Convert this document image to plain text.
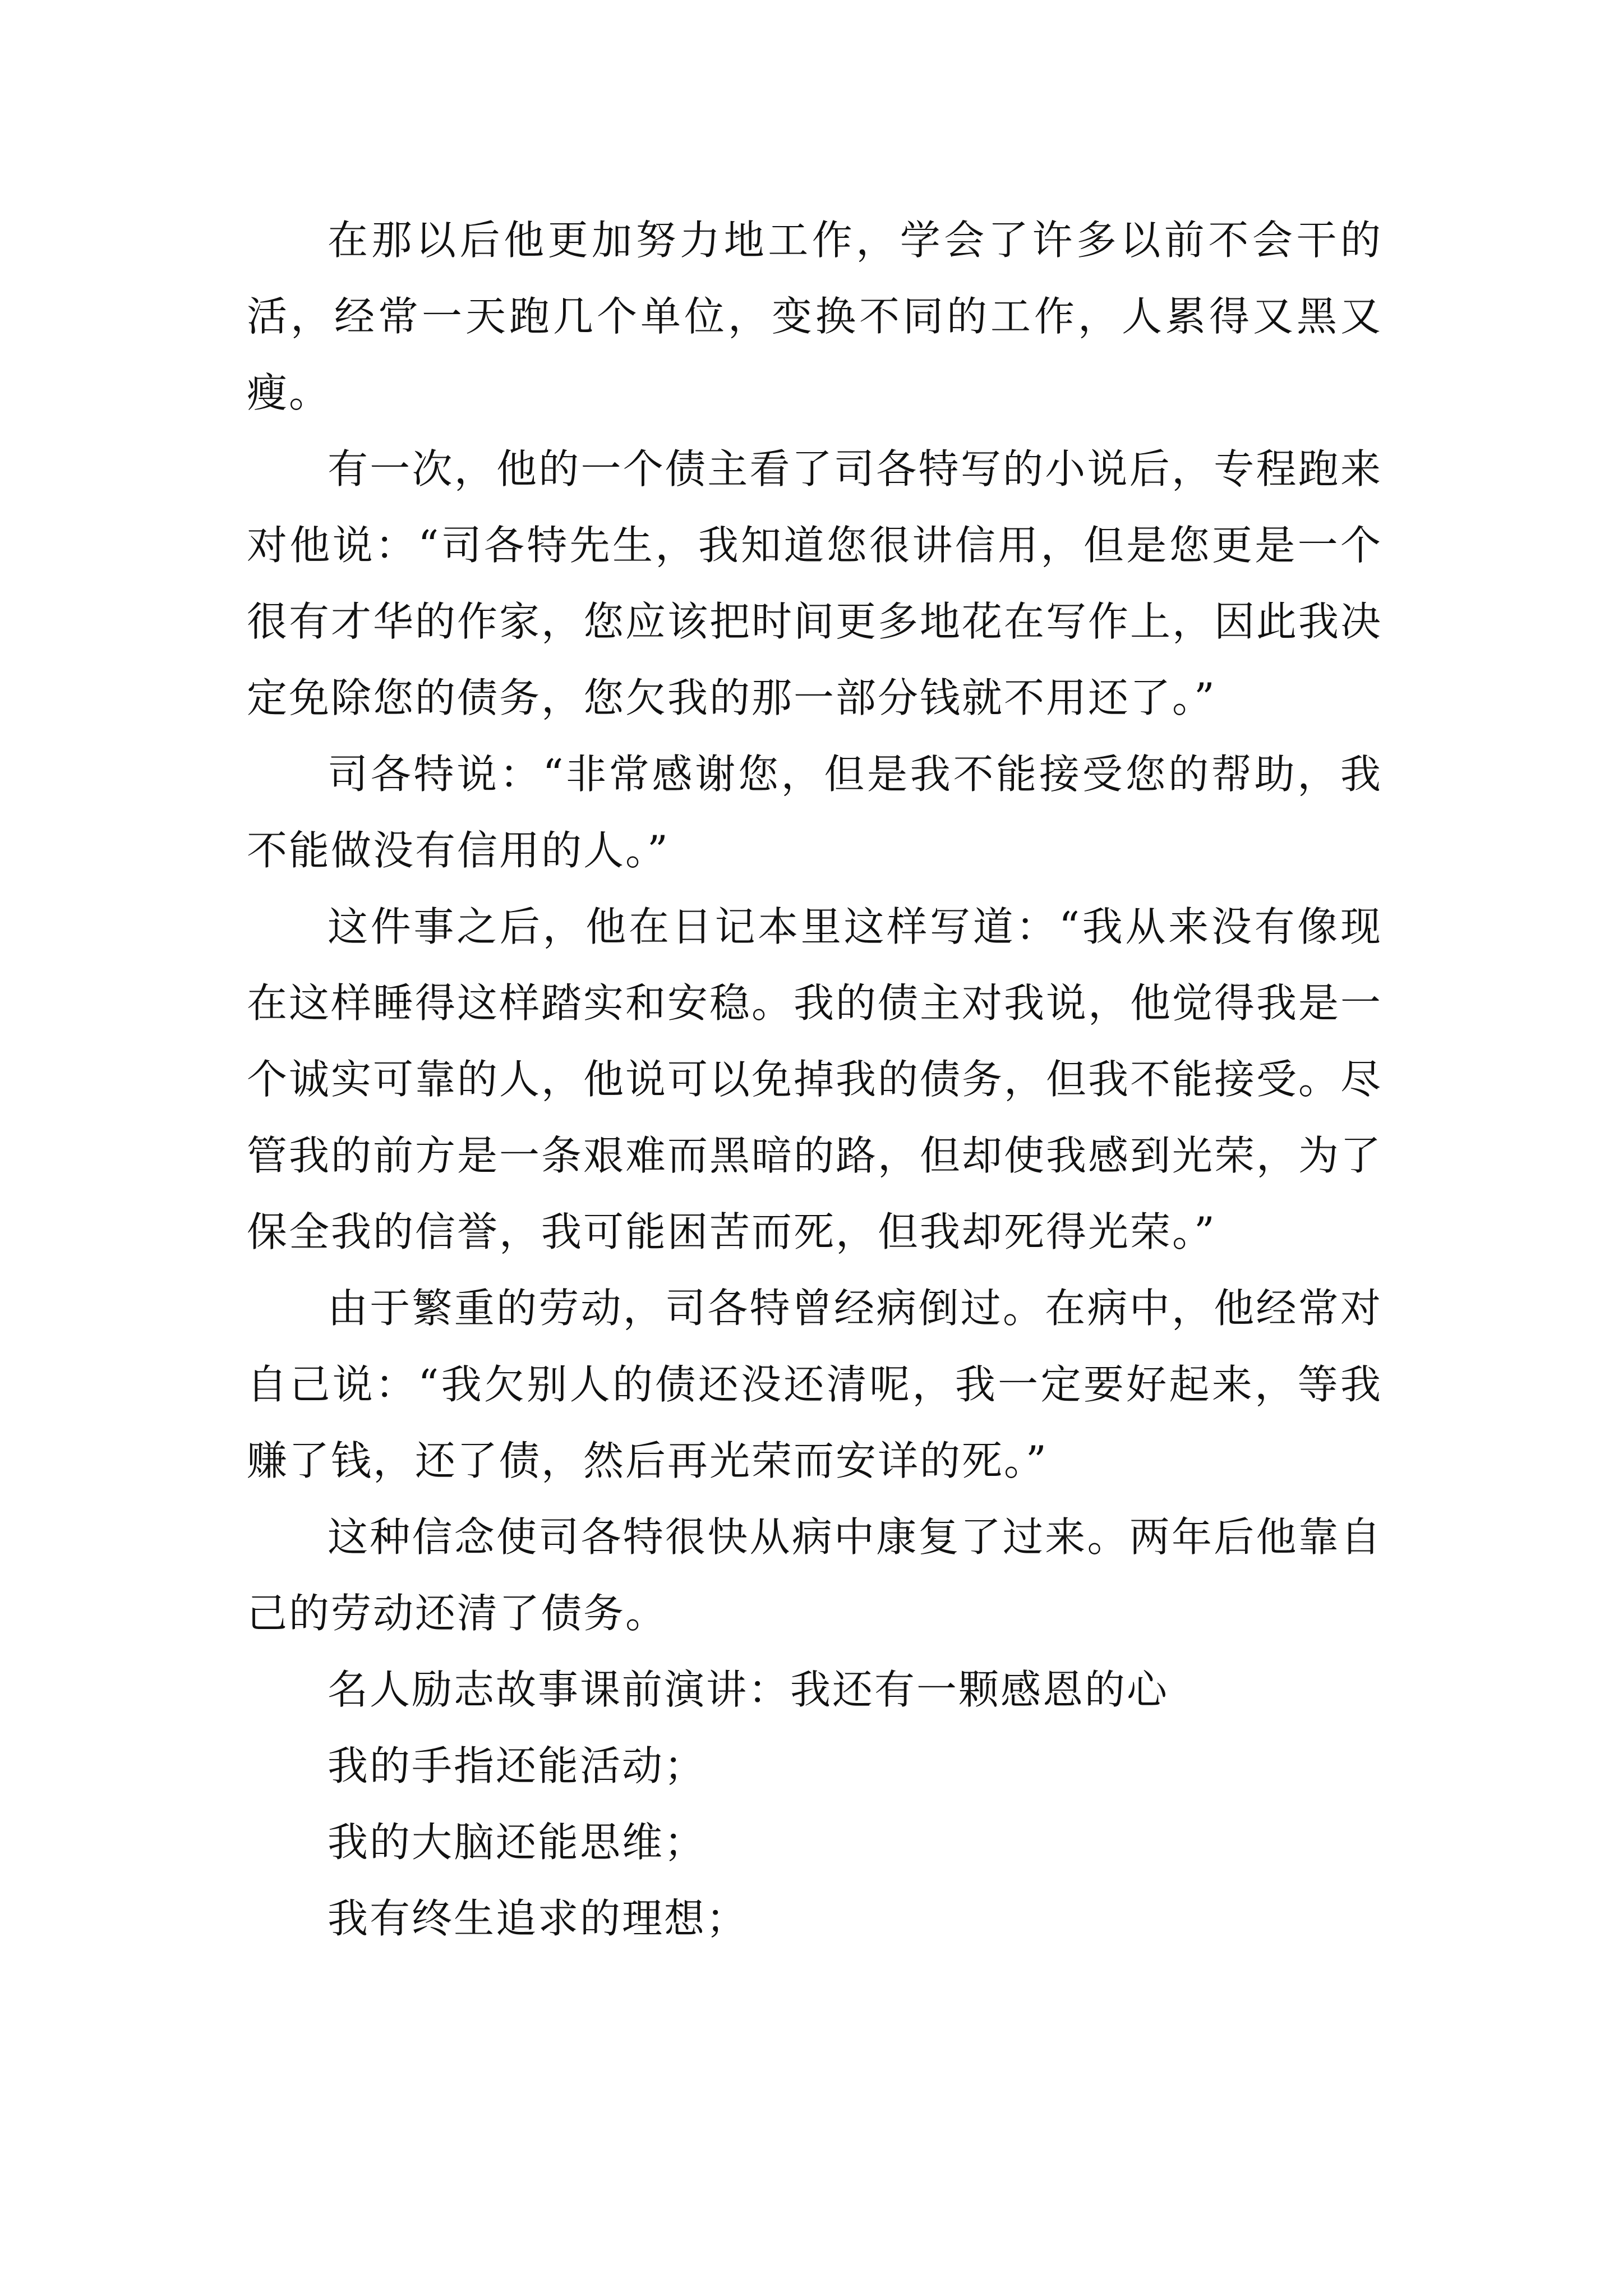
在那以后他更加努力地工作，学会了许多以前不会干的活，经常一天跑几个单位，变换不同的工作，人累得又黑又瘦。

有一次，他的一个债主看了司各特写的小说后，专程跑来对他说：“司各特先生，我知道您很讲信用，但是您更是一个很有才华的作家，您应该把时间更多地花在写作上，因此我决定免除您的债务，您欠我的那一部分钱就不用还了。”

司各特说：“非常感谢您，但是我不能接受您的帮助，我不能做没有信用的人。”

这件事之后，他在日记本里这样写道：“我从来没有像现在这样睡得这样踏实和安稳。我的债主对我说，他觉得我是一个诚实可靠的人，他说可以免掉我的债务，但我不能接受。尽管我的前方是一条艰难而黑暗的路，但却使我感到光荣，为了保全我的信誉，我可能困苦而死，但我却死得光荣。”

由于繁重的劳动，司各特曾经病倒过。在病中，他经常对自己说：“我欠别人的债还没还清呢，我一定要好起来，等我赚了钱，还了债，然后再光荣而安详的死。”

这种信念使司各特很快从病中康复了过来。两年后他靠自己的劳动还清了债务。

名人励志故事课前演讲：我还有一颗感恩的心

我的手指还能活动；

我的大脑还能思维；

我有终生追求的理想；
